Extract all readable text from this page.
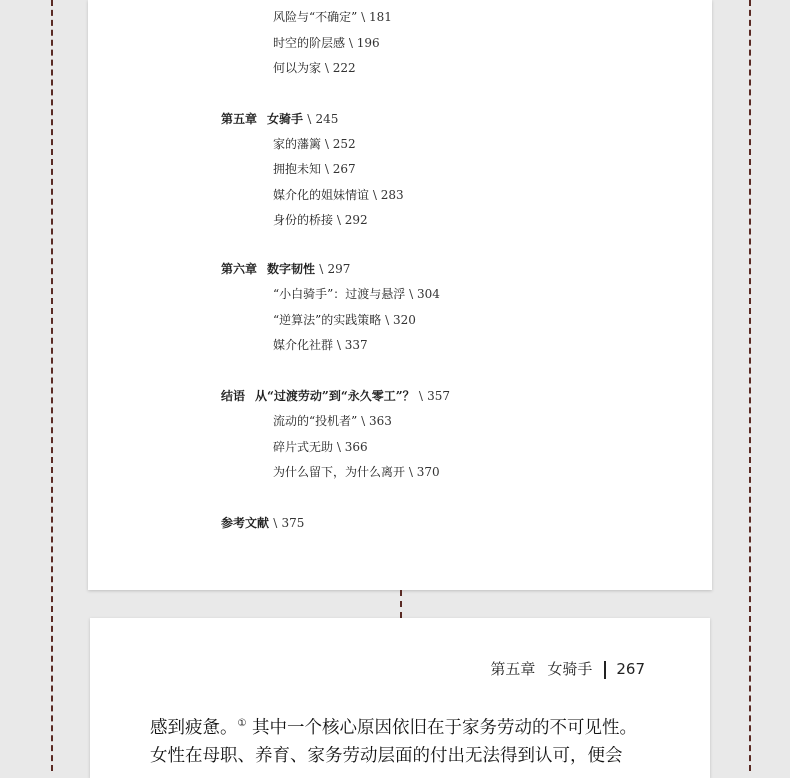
风险与“不确定” \ 181
时空的阶层感 \ 196
何以为家 \ 222
第五章 女骑手 \ 245
家的藩篱 \ 252
拥抱未知 \ 267
媒介化的姐妹情谊 \ 283
身份的桥接 \ 292
第六章 数字韧性 \ 297
“小白骑手”：过渡与悬浮 \ 304
“逆算法”的实践策略 \ 320
媒介化社群 \ 337
结语 从“过渡劳动”到“永久零工”？ \ 357
流动的“投机者” \ 363
碎片式无助 \ 366
为什么留下，为什么离开 \ 370
参考文献 \ 375
第五章 女骑手 267
感到疲惫。① 其中一个核心原因依旧在于家务劳动的不可见性。
女性在母职、养育、家务劳动层面的付出无法得到认可，便会
